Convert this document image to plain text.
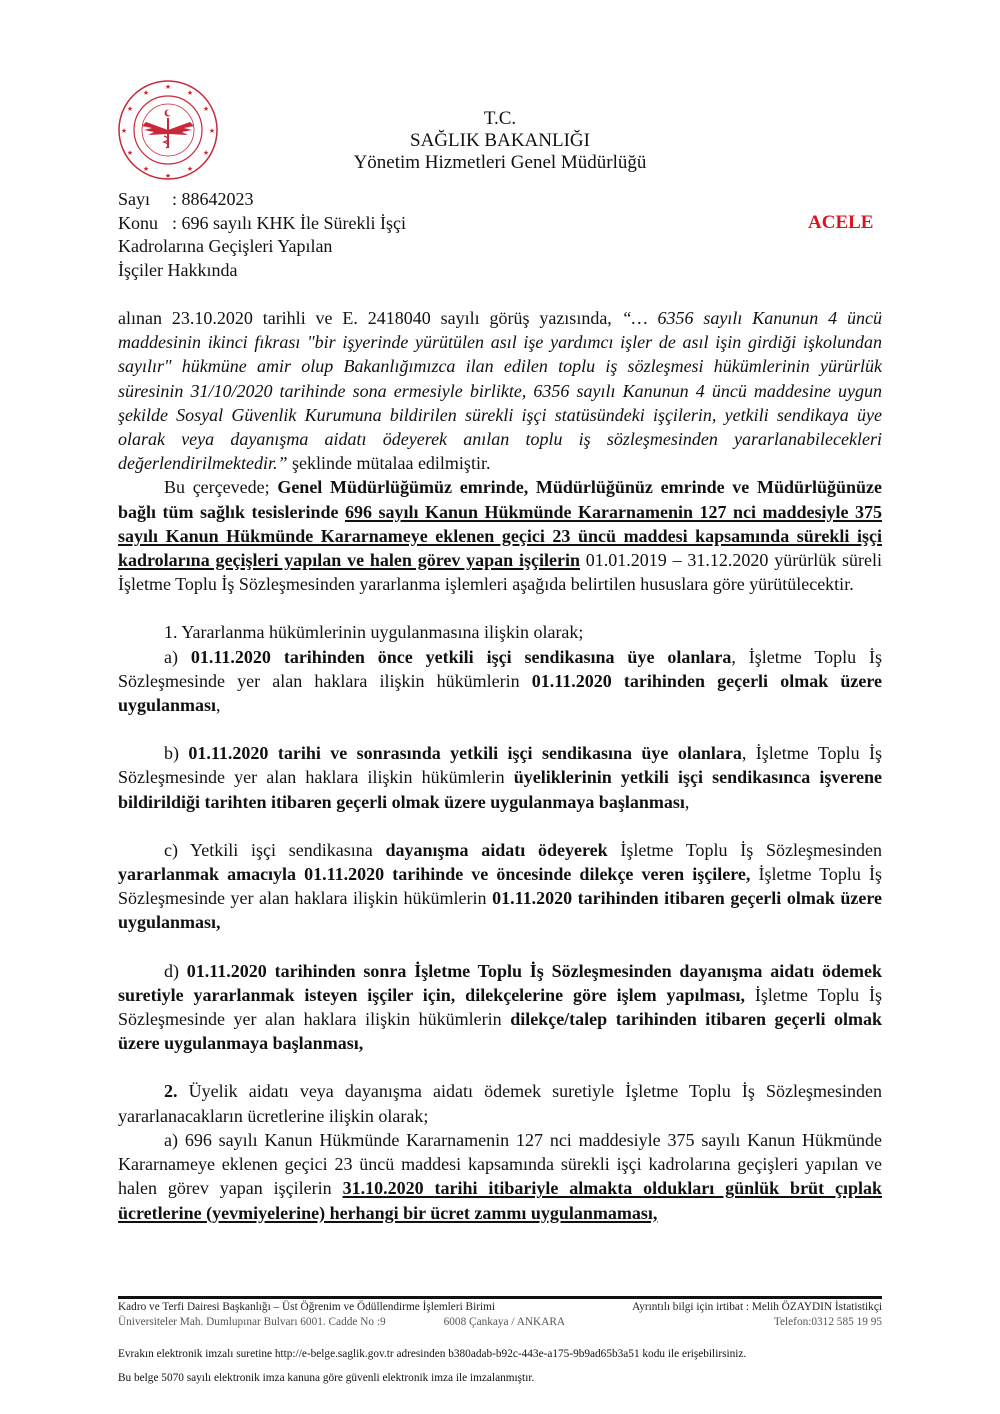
★
★	★
★	★
★	★
★	★
★	★
★
T.C.
SAĞLIK BAKANLIĞI
Yönetim Hizmetleri Genel Müdürlüğü
Sayı : 88642023
Konu : 696 sayılı KHK İle Sürekli İşçi
Kadrolarına Geçişleri Yapılan
İşçiler Hakkında
ACELE

alınan 23.10.2020 tarihli ve E. 2418040 sayılı görüş yazısında, “… 6356 sayılı Kanunun 4 üncü maddesinin ikinci fıkrası "bir işyerinde yürütülen asıl işe yardımcı işler de asıl işin girdiği işkolundan sayılır" hükmüne amir olup Bakanlığımızca ilan edilen toplu iş sözleşmesi hükümlerinin yürürlük süresinin 31/10/2020 tarihinde sona ermesiyle birlikte, 6356 sayılı Kanunun 4 üncü maddesine uygun şekilde Sosyal Güvenlik Kurumuna bildirilen sürekli işçi statüsündeki işçilerin, yetkili sendikaya üye olarak veya dayanışma aidatı ödeyerek anılan toplu iş sözleşmesinden yararlanabilecekleri değerlendirilmektedir.” şeklinde mütalaa edilmiştir.

Bu çerçevede; Genel Müdürlüğümüz emrinde, Müdürlüğünüz emrinde ve Müdürlüğünüze bağlı tüm sağlık tesislerinde 696 sayılı Kanun Hükmünde Kararnamenin 127 nci maddesiyle 375 sayılı Kanun Hükmünde Kararnameye eklenen geçici 23 üncü maddesi kapsamında sürekli işçi kadrolarına geçişleri yapılan ve halen görev yapan işçilerin 01.01.2019 – 31.12.2020 yürürlük süreli İşletme Toplu İş Sözleşmesinden yararlanma işlemleri aşağıda belirtilen hususlara göre yürütülecektir.

1. Yararlanma hükümlerinin uygulanmasına ilişkin olarak;

a) 01.11.2020 tarihinden önce yetkili işçi sendikasına üye olanlara, İşletme Toplu İş Sözleşmesinde yer alan haklara ilişkin hükümlerin 01.11.2020 tarihinden geçerli olmak üzere uygulanması,

b) 01.11.2020 tarihi ve sonrasında yetkili işçi sendikasına üye olanlara, İşletme Toplu İş Sözleşmesinde yer alan haklara ilişkin hükümlerin üyeliklerinin yetkili işçi sendikasınca işverene bildirildiği tarihten itibaren geçerli olmak üzere uygulanmaya başlanması,

c) Yetkili işçi sendikasına dayanışma aidatı ödeyerek İşletme Toplu İş Sözleşmesinden yararlanmak amacıyla 01.11.2020 tarihinde ve öncesinde dilekçe veren işçilere, İşletme Toplu İş Sözleşmesinde yer alan haklara ilişkin hükümlerin 01.11.2020 tarihinden itibaren geçerli olmak üzere uygulanması,

d) 01.11.2020 tarihinden sonra İşletme Toplu İş Sözleşmesinden dayanışma aidatı ödemek suretiyle yararlanmak isteyen işçiler için, dilekçelerine göre işlem yapılması, İşletme Toplu İş Sözleşmesinde yer alan haklara ilişkin hükümlerin dilekçe/talep tarihinden itibaren geçerli olmak üzere uygulanmaya başlanması,

2. Üyelik aidatı veya dayanışma aidatı ödemek suretiyle İşletme Toplu İş Sözleşmesinden yararlanacakların ücretlerine ilişkin olarak;

a) 696 sayılı Kanun Hükmünde Kararnamenin 127 nci maddesiyle 375 sayılı Kanun Hükmünde Kararnameye eklenen geçici 23 üncü maddesi kapsamında sürekli işçi kadrolarına geçişleri yapılan ve halen görev yapan işçilerin 31.10.2020 tarihi itibariyle almakta oldukları günlük brüt çıplak ücretlerine (yevmiyelerine) herhangi bir ücret zammı uygulanmaması,

Kadro ve Terfi Dairesi Başkanlığı – Üst Öğrenim ve Ödüllendirme İşlemleri Birimi	Ayrıntılı bilgi için irtibat : Melih ÖZAYDIN İstatistikçi
Üniversiteler Mah. Dumlupınar Bulvarı 6001. Cadde No :9	6008 Çankaya / ANKARA	Telefon:0312 585 19 95
Evrakın elektronik imzalı suretine http://e-belge.saglik.gov.tr adresinden b380adab-b92c-443e-a175-9b9ad65b3a51 kodu ile erişebilirsiniz.
Bu belge 5070 sayılı elektronik imza kanuna göre güvenli elektronik imza ile imzalanmıştır.
